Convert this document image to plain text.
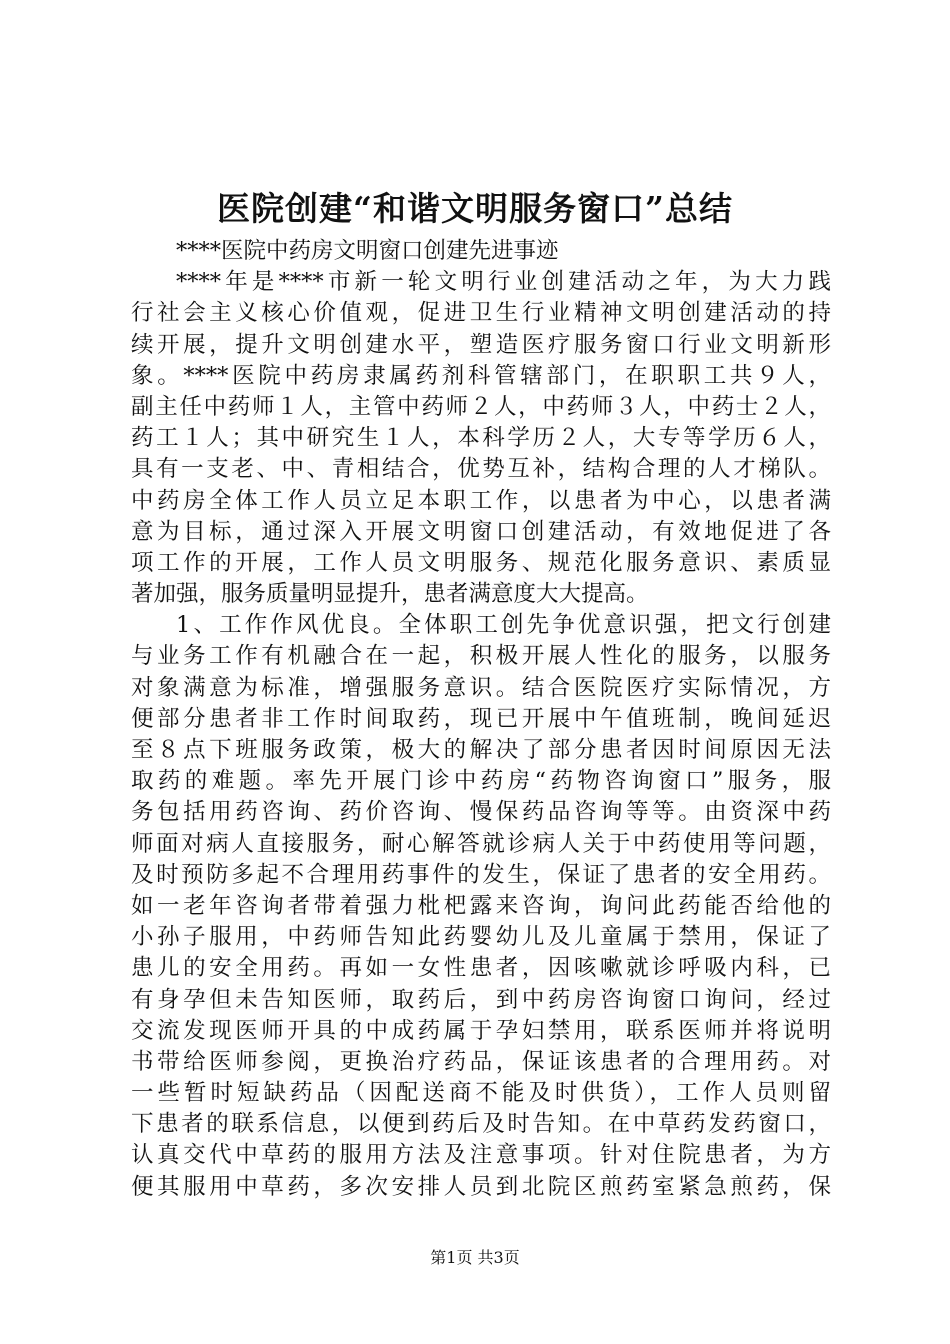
医院创建“和谐文明服务窗口”总结
****医院中药房文明窗口创建先进事迹
****年是****市新一轮文明行业创建活动之年，为大力践
行社会主义核心价值观，促进卫生行业精神文明创建活动的持
续开展，提升文明创建水平，塑造医疗服务窗口行业文明新形
象。****医院中药房隶属药剂科管辖部门，在职职工共９人，
副主任中药师１人，主管中药师２人，中药师３人，中药士２人，
药工１人；其中研究生１人，本科学历２人，大专等学历６人，
具有一支老、中、青相结合，优势互补，结构合理的人才梯队。
中药房全体工作人员立足本职工作，以患者为中心，以患者满
意为目标，通过深入开展文明窗口创建活动，有效地促进了各
项工作的开展，工作人员文明服务、规范化服务意识、素质显
著加强，服务质量明显提升，患者满意度大大提高。
1、工作作风优良。全体职工创先争优意识强，把文行创建
与业务工作有机融合在一起，积极开展人性化的服务，以服务
对象满意为标准，增强服务意识。结合医院医疗实际情况，方
便部分患者非工作时间取药，现已开展中午值班制，晚间延迟
至８点下班服务政策，极大的解决了部分患者因时间原因无法
取药的难题。率先开展门诊中药房“药物咨询窗口”服务，服
务包括用药咨询、药价咨询、慢保药品咨询等等。由资深中药
师面对病人直接服务，耐心解答就诊病人关于中药使用等问题，
及时预防多起不合理用药事件的发生，保证了患者的安全用药。
如一老年咨询者带着强力枇杷露来咨询，询问此药能否给他的
小孙子服用，中药师告知此药婴幼儿及儿童属于禁用，保证了
患儿的安全用药。再如一女性患者，因咳嗽就诊呼吸内科，已
有身孕但未告知医师，取药后，到中药房咨询窗口询问，经过
交流发现医师开具的中成药属于孕妇禁用，联系医师并将说明
书带给医师参阅，更换治疗药品，保证该患者的合理用药。对
一些暂时短缺药品（因配送商不能及时供货），工作人员则留
下患者的联系信息，以便到药后及时告知。在中草药发药窗口，
认真交代中草药的服用方法及注意事项。针对住院患者，为方
便其服用中草药，多次安排人员到北院区煎药室紧急煎药，保
第1页 共3页
